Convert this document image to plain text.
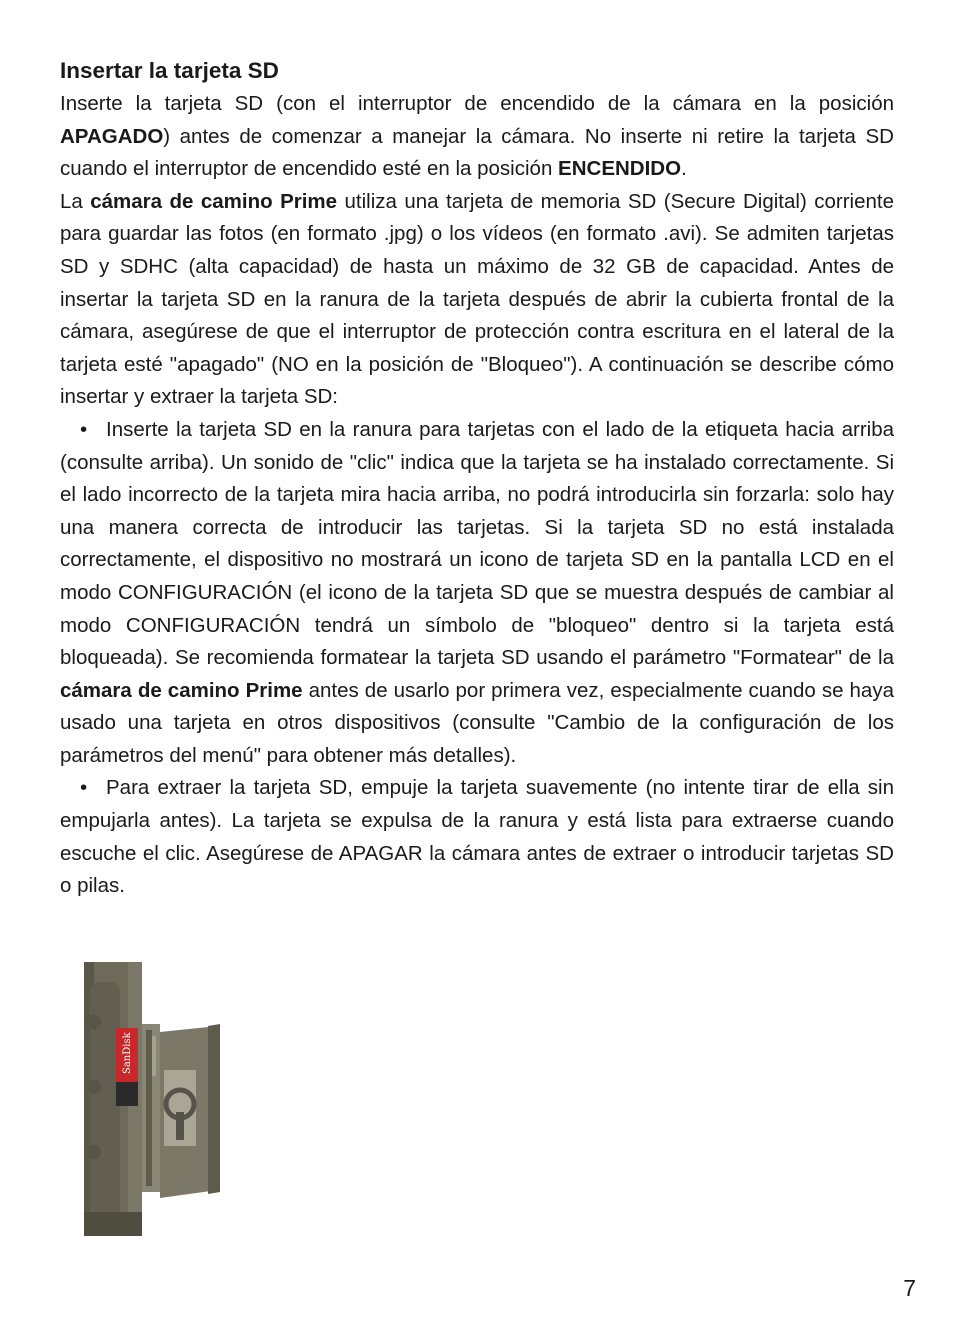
Insertar la tarjeta SD

Inserte la tarjeta SD (con el interruptor de encendido de la cámara en la posición APAGADO) antes de comenzar a manejar la cámara. No inserte ni retire la tarjeta SD cuando el interruptor de encendido esté en la posición ENCENDIDO.

La cámara de camino Prime utiliza una tarjeta de memoria SD (Secure Digital) corriente para guardar las fotos (en formato .jpg) o los vídeos (en formato .avi). Se admiten tarjetas SD y SDHC (alta capacidad) de hasta un máximo de 32 GB de capacidad. Antes de insertar la tarjeta SD en la ranura de la tarjeta después de abrir la cubierta frontal de la cámara, asegúrese de que el interruptor de protección contra escritura en el lateral de la tarjeta esté "apagado" (NO en la posición de "Bloqueo"). A continuación se describe cómo insertar y extraer la tarjeta SD:

• Inserte la tarjeta SD en la ranura para tarjetas con el lado de la etiqueta hacia arriba (consulte arriba). Un sonido de "clic" indica que la tarjeta se ha instalado correctamente. Si el lado incorrecto de la tarjeta mira hacia arriba, no podrá introducirla sin forzarla: solo hay una manera correcta de introducir las tarjetas. Si la tarjeta SD no está instalada correctamente, el dispositivo no mostrará un icono de tarjeta SD en la pantalla LCD en el modo CONFIGURACIÓN (el icono de la tarjeta SD que se muestra después de cambiar al modo CONFIGURACIÓN tendrá un símbolo de "bloqueo" dentro si la tarjeta está bloqueada). Se recomienda formatear la tarjeta SD usando el parámetro "Formatear" de la cámara de camino Prime antes de usarlo por primera vez, especialmente cuando se haya usado una tarjeta en otros dispositivos (consulte "Cambio de la configuración de los parámetros del menú" para obtener más detalles).

• Para extraer la tarjeta SD, empuje la tarjeta suavemente (no intente tirar de ella sin empujarla antes). La tarjeta se expulsa de la ranura y está lista para extraerse cuando escuche el clic. Asegúrese de APAGAR la cámara antes de extraer o introducir tarjetas SD o pilas.

SanDisk
7
